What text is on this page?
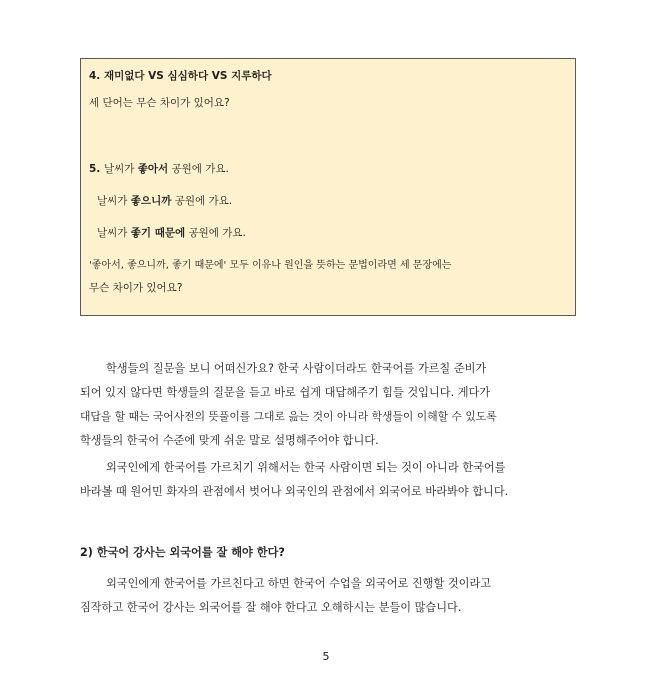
4. 재미없다 VS 심심하다 VS 지루하다
세 단어는 무슨 차이가 있어요?
5. 날씨가 좋아서 공원에 가요.
날씨가 좋으니까 공원에 가요.
날씨가 좋기 때문에 공원에 가요.
'좋아서, 좋으니까, 좋기 때문에' 모두 이유나 원인을 뜻하는 문법이라면 세 문장에는
무슨 차이가 있어요?
학생들의 질문을 보니 어떠신가요? 한국 사람이더라도 한국어를 가르칠 준비가
되어 있지 않다면 학생들의 질문을 듣고 바로 쉽게 대답해주기 힘들 것입니다. 게다가
대답을 할 때는 국어사전의 뜻풀이를 그대로 읊는 것이 아니라 학생들이 이해할 수 있도록
학생들의 한국어 수준에 맞게 쉬운 말로 설명해주어야 합니다.
외국인에게 한국어를 가르치기 위해서는 한국 사람이면 되는 것이 아니라 한국어를
바라볼 때 원어민 화자의 관점에서 벗어나 외국인의 관점에서 외국어로 바라봐야 합니다.
2) 한국어 강사는 외국어를 잘 해야 한다?
외국인에게 한국어를 가르친다고 하면 한국어 수업을 외국어로 진행할 것이라고
짐작하고 한국어 강사는 외국어를 잘 해야 한다고 오해하시는 분들이 많습니다.
5
